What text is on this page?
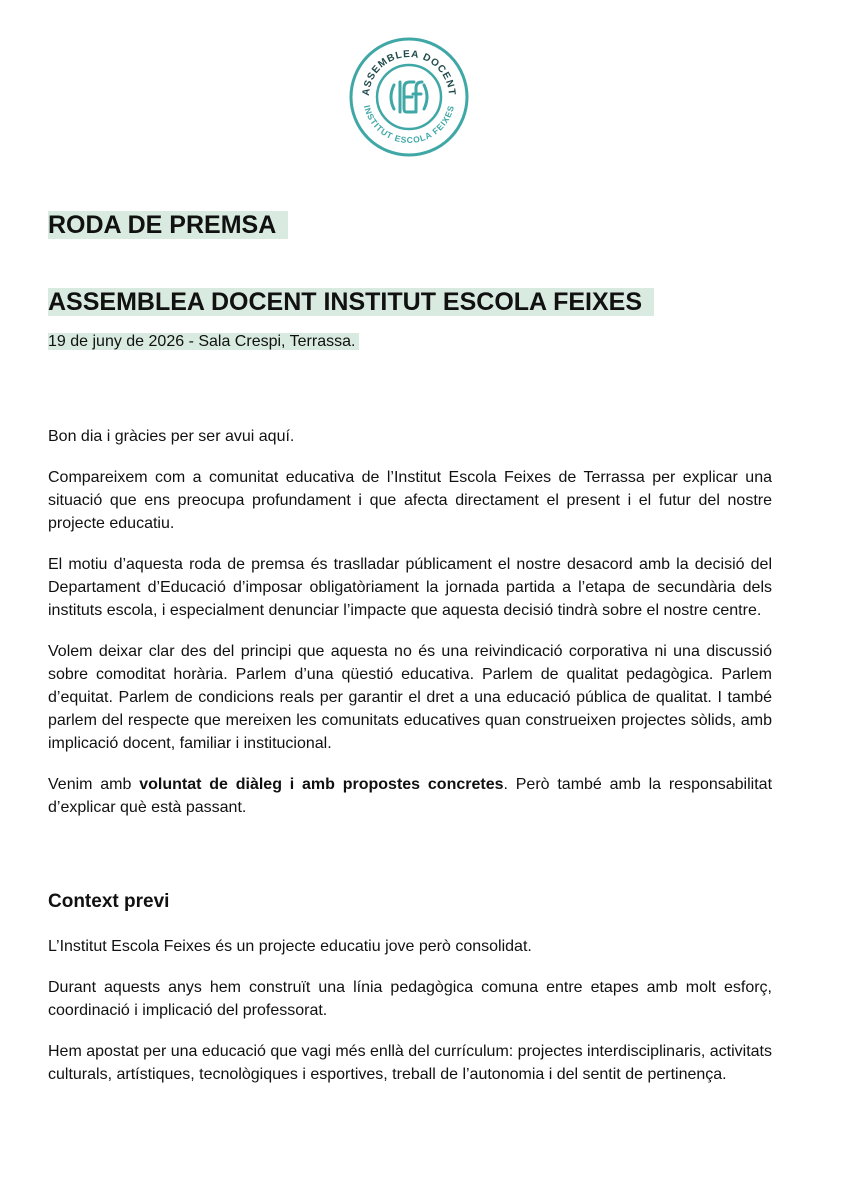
ASSEMBLEA DOCENT
INSTITUT ESCOLA FEIXES
RODA DE PREMSA
ASSEMBLEA DOCENT INSTITUT ESCOLA FEIXES

19 de juny de 2026 - Sala Crespi, Terrassa.

Bon dia i gràcies per ser avui aquí.

Compareixem com a comunitat educativa de l’Institut Escola Feixes de Terrassa per explicar una situació que ens preocupa profundament i que afecta directament el present i el futur del nostre projecte educatiu.

El motiu d’aquesta roda de premsa és traslladar públicament el nostre desacord amb la decisió del Departament d’Educació d’imposar obligatòriament la jornada partida a l’etapa de secundària dels instituts escola, i especialment denunciar l’impacte que aquesta decisió tindrà sobre el nostre centre.

Volem deixar clar des del principi que aquesta no és una reivindicació corporativa ni una discussió sobre comoditat horària. Parlem d’una qüestió educativa. Parlem de qualitat pedagògica. Parlem d’equitat. Parlem de condicions reals per garantir el dret a una educació pública de qualitat. I també parlem del respecte que mereixen les comunitats educatives quan construeixen projectes sòlids, amb implicació docent, familiar i institucional.

Venim amb voluntat de diàleg i amb propostes concretes. Però també amb la responsabilitat d’explicar què està passant.

Context previ

L’Institut Escola Feixes és un projecte educatiu jove però consolidat.

Durant aquests anys hem construït una línia pedagògica comuna entre etapes amb molt esforç, coordinació i implicació del professorat.

Hem apostat per una educació que vagi més enllà del currículum: projectes interdisciplinaris, activitats culturals, artístiques, tecnològiques i esportives, treball de l’autonomia i del sentit de pertinença.
